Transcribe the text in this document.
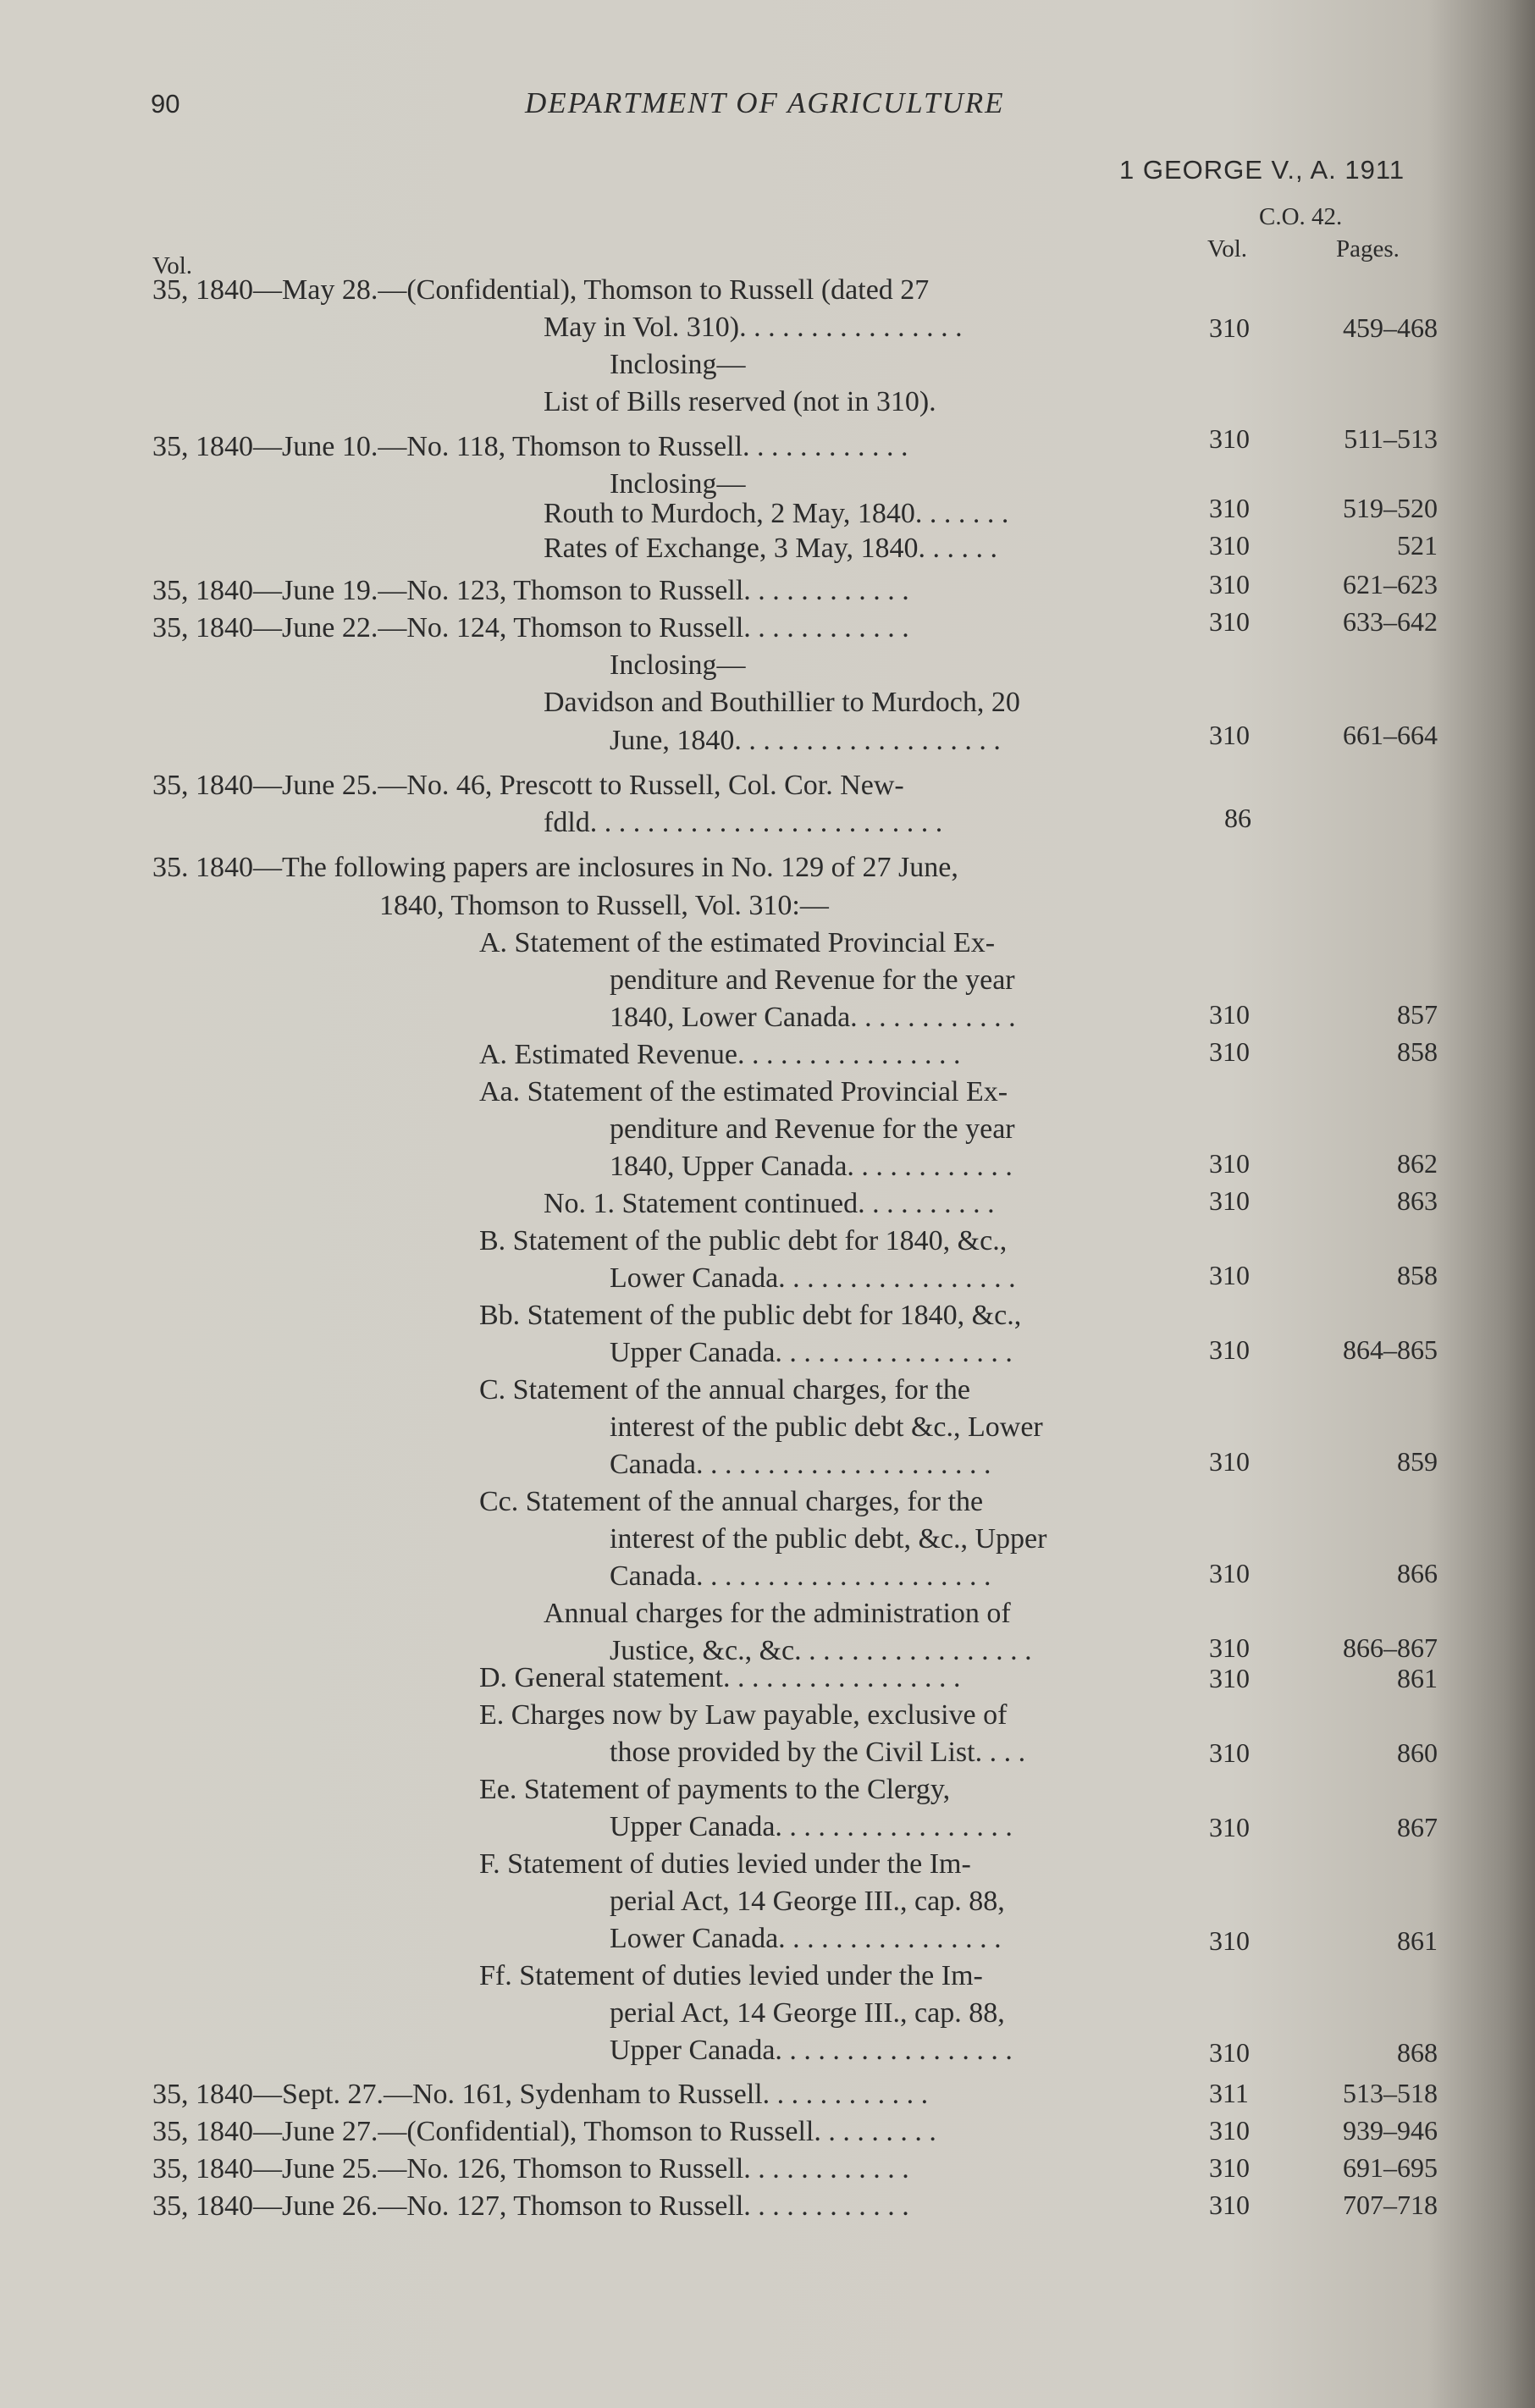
90	DEPARTMENT OF AGRICULTURE
1 GEORGE V., A. 1911
C.O. 42.
Vol.	Pages.
Vol.
35, 1840—May 28.—(Confidential), Thomson to Russell (dated 27
May in Vol. 310). . . . . . . . . . . . . . . .	310	459–468
Inclosing—
List of Bills reserved (not in 310).
35, 1840—June 10.—No. 118, Thomson to Russell. . . . . . . . . . . .	310	511–513
Inclosing—
Routh to Murdoch, 2 May, 1840. . . . . . .	310	519–520
Rates of Exchange, 3 May, 1840. . . . . .	310	521
35, 1840—June 19.—No. 123, Thomson to Russell. . . . . . . . . . . .	310	621–623
35, 1840—June 22.—No. 124, Thomson to Russell. . . . . . . . . . . .	310	633–642
Inclosing—
Davidson and Bouthillier to Murdoch, 20
June, 1840. . . . . . . . . . . . . . . . . . .	310	661–664
35, 1840—June 25.—No. 46, Prescott to Russell, Col. Cor. New-
fdld. . . . . . . . . . . . . . . . . . . . . . . . .	86
35. 1840—The following papers are inclosures in No. 129 of 27 June,
1840, Thomson to Russell, Vol. 310:—
A. Statement of the estimated Provincial Ex-
penditure and Revenue for the year
1840, Lower Canada. . . . . . . . . . . .	310	857
A. Estimated Revenue. . . . . . . . . . . . . . . .	310	858
Aa. Statement of the estimated Provincial Ex-
penditure and Revenue for the year
1840, Upper Canada. . . . . . . . . . . .	310	862
No. 1. Statement continued. . . . . . . . . .	310	863
B. Statement of the public debt for 1840, &c.,
Lower Canada. . . . . . . . . . . . . . . . .	310	858
Bb. Statement of the public debt for 1840, &c.,
Upper Canada. . . . . . . . . . . . . . . . .	310	864–865
C. Statement of the annual charges, for the
interest of the public debt &c., Lower
Canada. . . . . . . . . . . . . . . . . . . . .	310	859
Cc. Statement of the annual charges, for the
interest of the public debt, &c., Upper
Canada. . . . . . . . . . . . . . . . . . . . .	310	866
Annual charges for the administration of
Justice, &c., &c. . . . . . . . . . . . . . . . .	310	866–867
D. General statement. . . . . . . . . . . . . . . . .	310	861
E. Charges now by Law payable, exclusive of
those provided by the Civil List. . . .	310	860
Ee. Statement of payments to the Clergy,
Upper Canada. . . . . . . . . . . . . . . . .	310	867
F. Statement of duties levied under the Im-
perial Act, 14 George III., cap. 88,
Lower Canada. . . . . . . . . . . . . . . .	310	861
Ff. Statement of duties levied under the Im-
perial Act, 14 George III., cap. 88,
Upper Canada. . . . . . . . . . . . . . . . .	310	868
35, 1840—Sept. 27.—No. 161, Sydenham to Russell. . . . . . . . . . . .	311	513–518
35, 1840—June 27.—(Confidential), Thomson to Russell. . . . . . . . .	310	939–946
35, 1840—June 25.—No. 126, Thomson to Russell. . . . . . . . . . . .	310	691–695
35, 1840—June 26.—No. 127, Thomson to Russell. . . . . . . . . . . .	310	707–718
